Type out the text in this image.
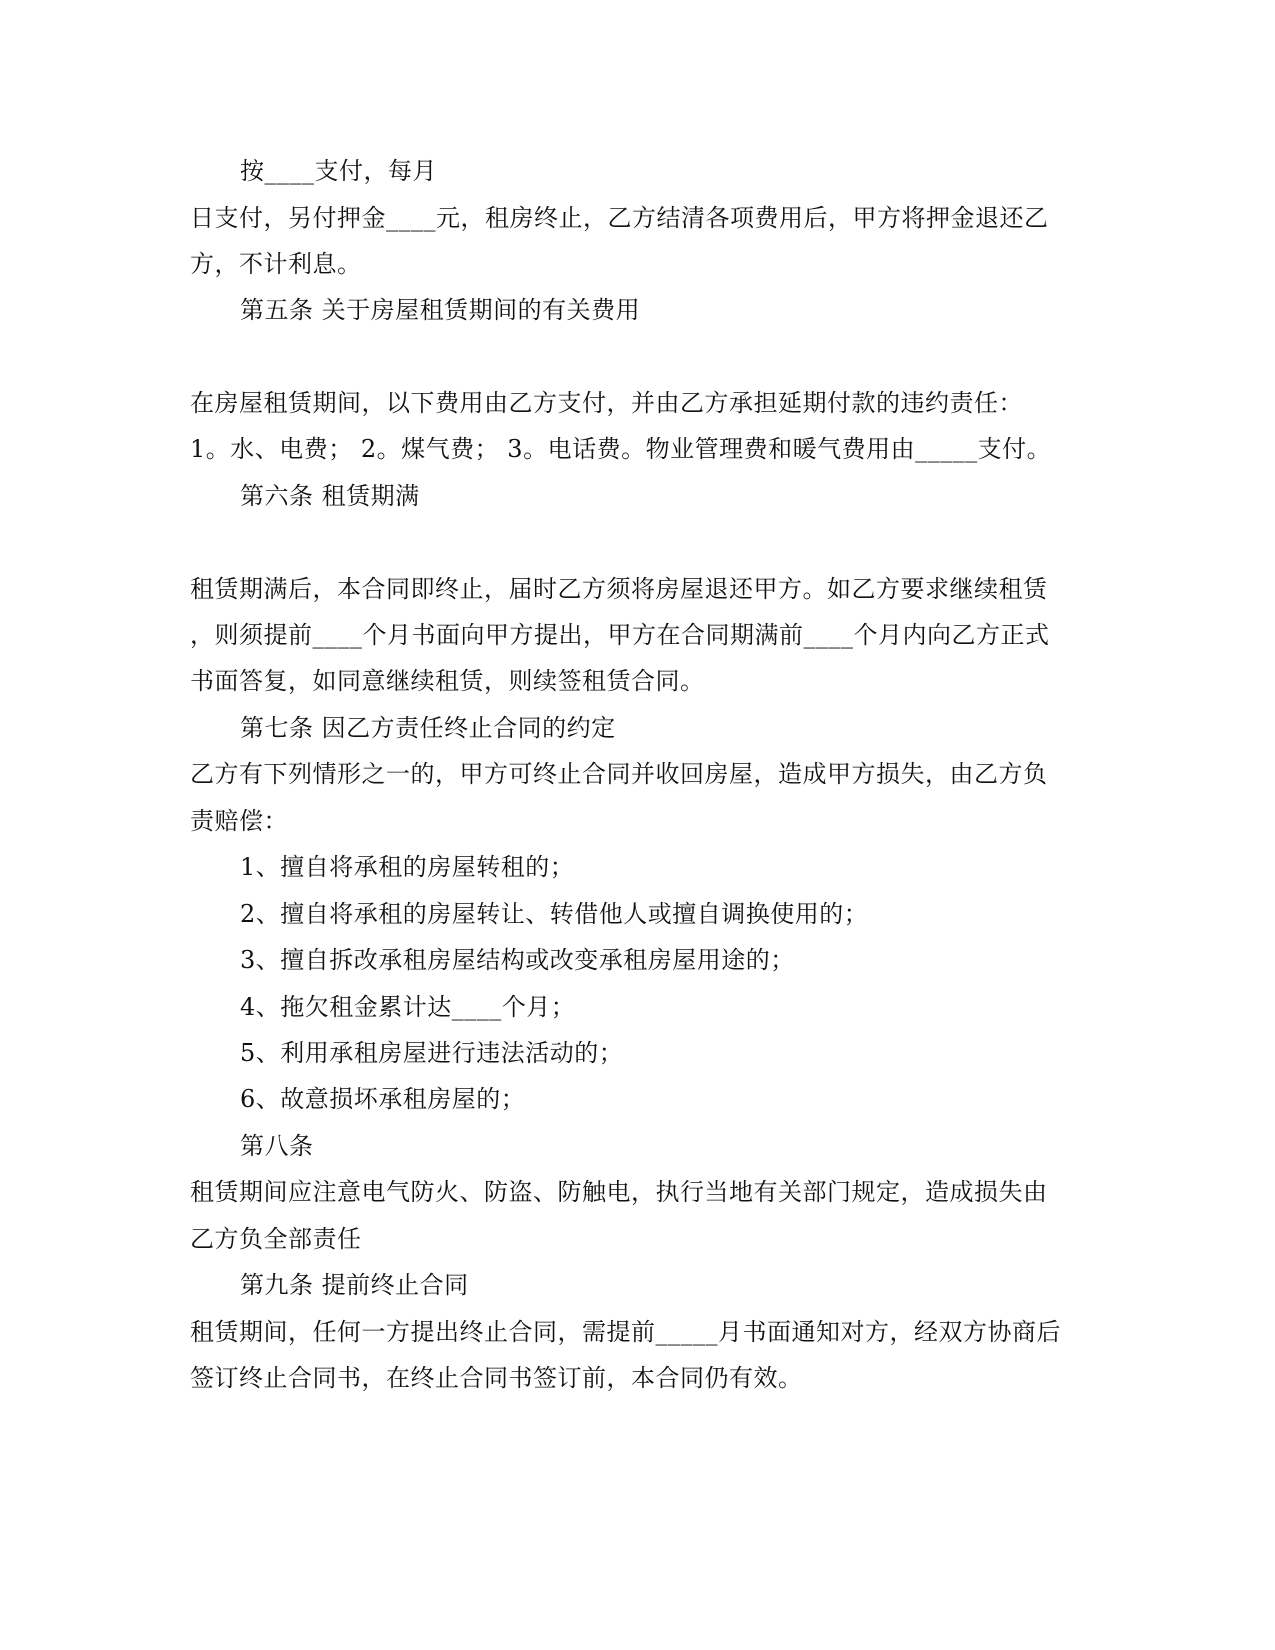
按____支付，每月
日支付，另付押金____元，租房终止，乙方结清各项费用后，甲方将押金退还乙
方，不计利息。
第五条 关于房屋租赁期间的有关费用
在房屋租赁期间，以下费用由乙方支付，并由乙方承担延期付款的违约责任：
1。水、电费； 2。煤气费； 3。电话费。物业管理费和暖气费用由_____支付。
第六条 租赁期满
租赁期满后，本合同即终止，届时乙方须将房屋退还甲方。如乙方要求继续租赁
，则须提前____个月书面向甲方提出，甲方在合同期满前____个月内向乙方正式
书面答复，如同意继续租赁，则续签租赁合同。
第七条 因乙方责任终止合同的约定
乙方有下列情形之一的，甲方可终止合同并收回房屋，造成甲方损失，由乙方负
责赔偿：
1、擅自将承租的房屋转租的；
2、擅自将承租的房屋转让、转借他人或擅自调换使用的；
3、擅自拆改承租房屋结构或改变承租房屋用途的；
4、拖欠租金累计达____个月；
5、利用承租房屋进行违法活动的；
6、故意损坏承租房屋的；
第八条
租赁期间应注意电气防火、防盗、防触电，执行当地有关部门规定，造成损失由
乙方负全部责任
第九条 提前终止合同
租赁期间，任何一方提出终止合同，需提前_____月书面通知对方，经双方协商后
签订终止合同书，在终止合同书签订前，本合同仍有效。
